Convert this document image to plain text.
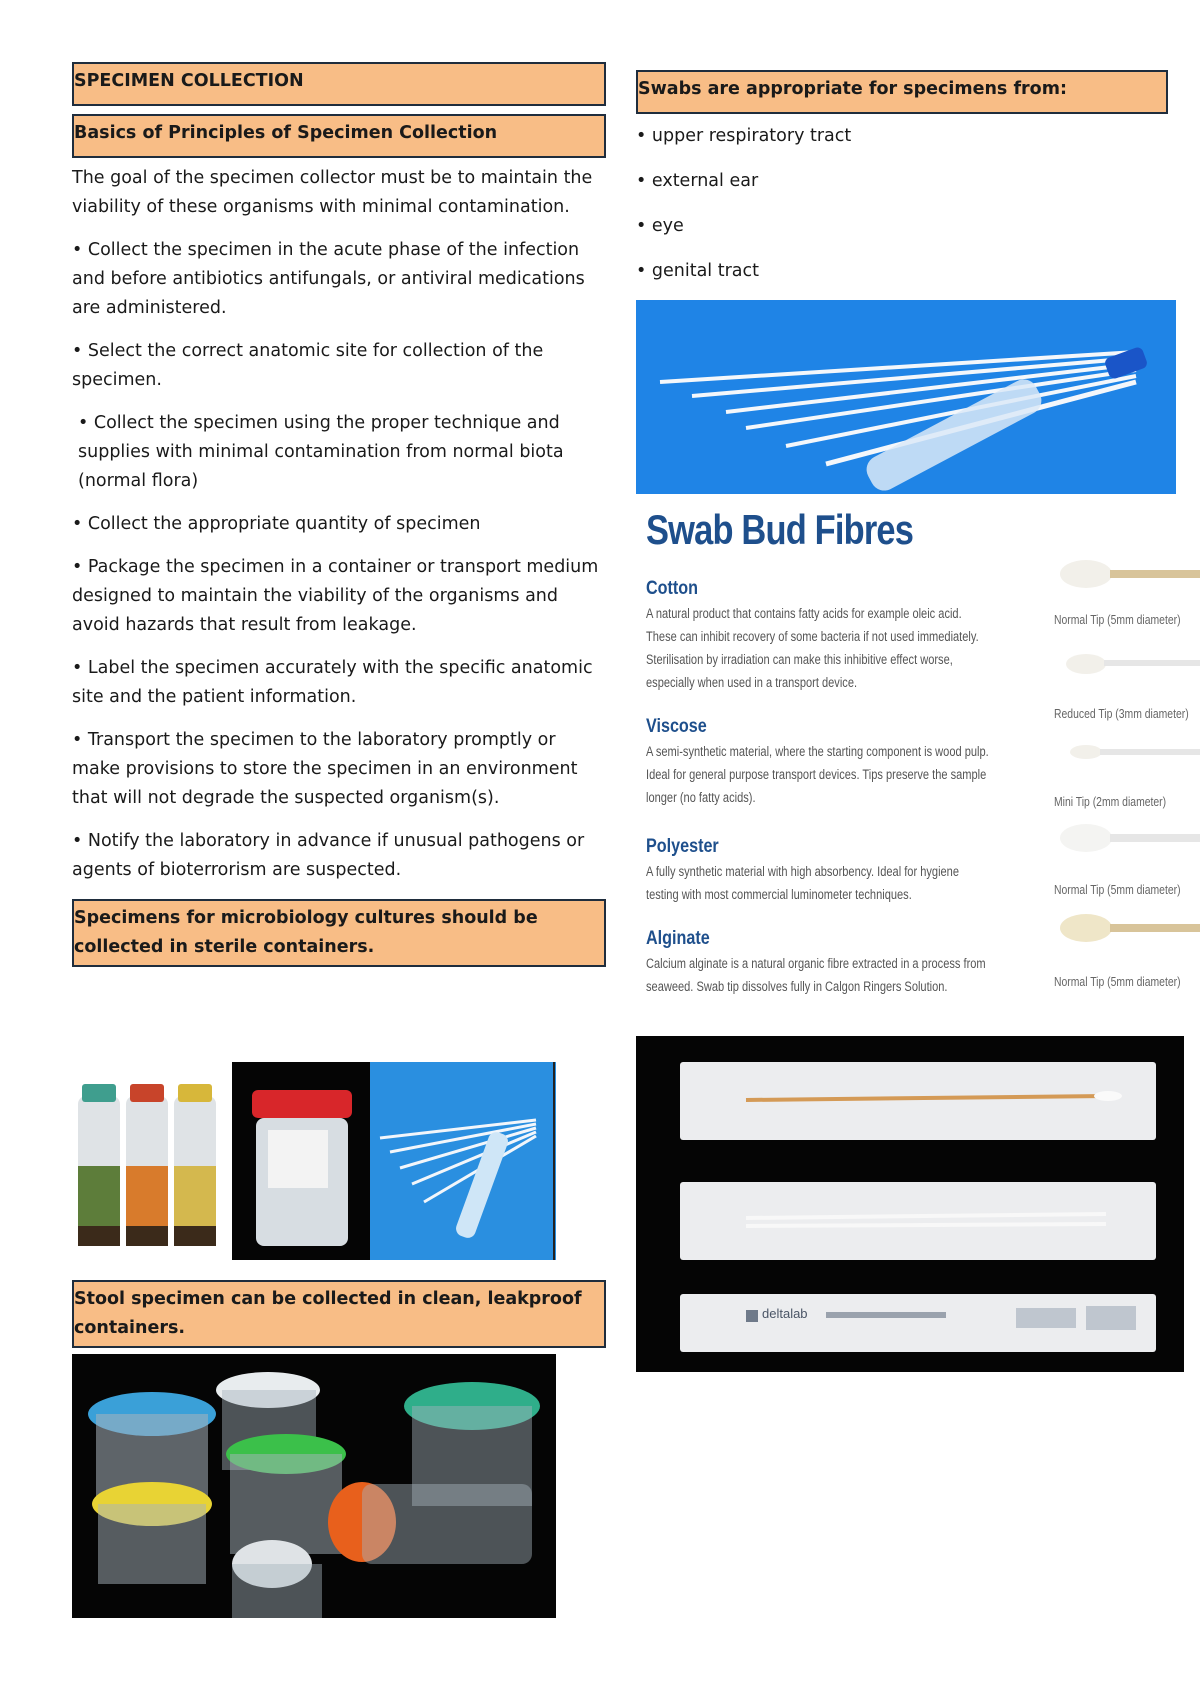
SPECIMEN COLLECTION
Basics of Principles of Specimen Collection

The goal of the specimen collector must be to maintain the viability of these organisms with minimal contamination.

• Collect the specimen in the acute phase of the infection and before antibiotics antifungals, or antiviral medications are administered.

• Select the correct anatomic site for collection of the specimen.

• Collect the specimen using the proper technique and supplies with minimal contamination from normal biota (normal flora)

• Collect the appropriate quantity of specimen

• Package the specimen in a container or transport medium designed to maintain the viability of the organisms and avoid hazards that result from leakage.

• Label the specimen accurately with the specific anatomic site and the patient information.

• Transport the specimen to the laboratory promptly or make provisions to store the specimen in an environment that will not degrade the suspected organism(s).

• Notify the laboratory in advance if unusual pathogens or agents of bioterrorism are suspected.

Specimens for microbiology cultures should be collected in sterile containers.
Stool specimen can be collected in clean, leakproof containers.
Swabs are appropriate for specimens from:
• upper respiratory tract
• external ear
• eye
• genital tract
Swab Bud Fibres
Cotton
A natural product that contains fatty acids for example oleic acid. These can inhibit recovery of some bacteria if not used immediately. Sterilisation by irradiation can make this inhibitive effect worse, especially when used in a transport device.
Viscose
A semi-synthetic material, where the starting component is wood pulp. Ideal for general purpose transport devices. Tips preserve the sample longer (no fatty acids).
Polyester
A fully synthetic material with high absorbency. Ideal for hygiene testing with most commercial luminometer techniques.
Alginate
Calcium alginate is a natural organic fibre extracted in a process from seaweed. Swab tip dissolves fully in Calgon Ringers Solution.
Normal Tip (5mm diameter)
Reduced Tip (3mm diameter)
Mini Tip (2mm diameter)
Normal Tip (5mm diameter)
Normal Tip (5mm diameter)
deltalab
